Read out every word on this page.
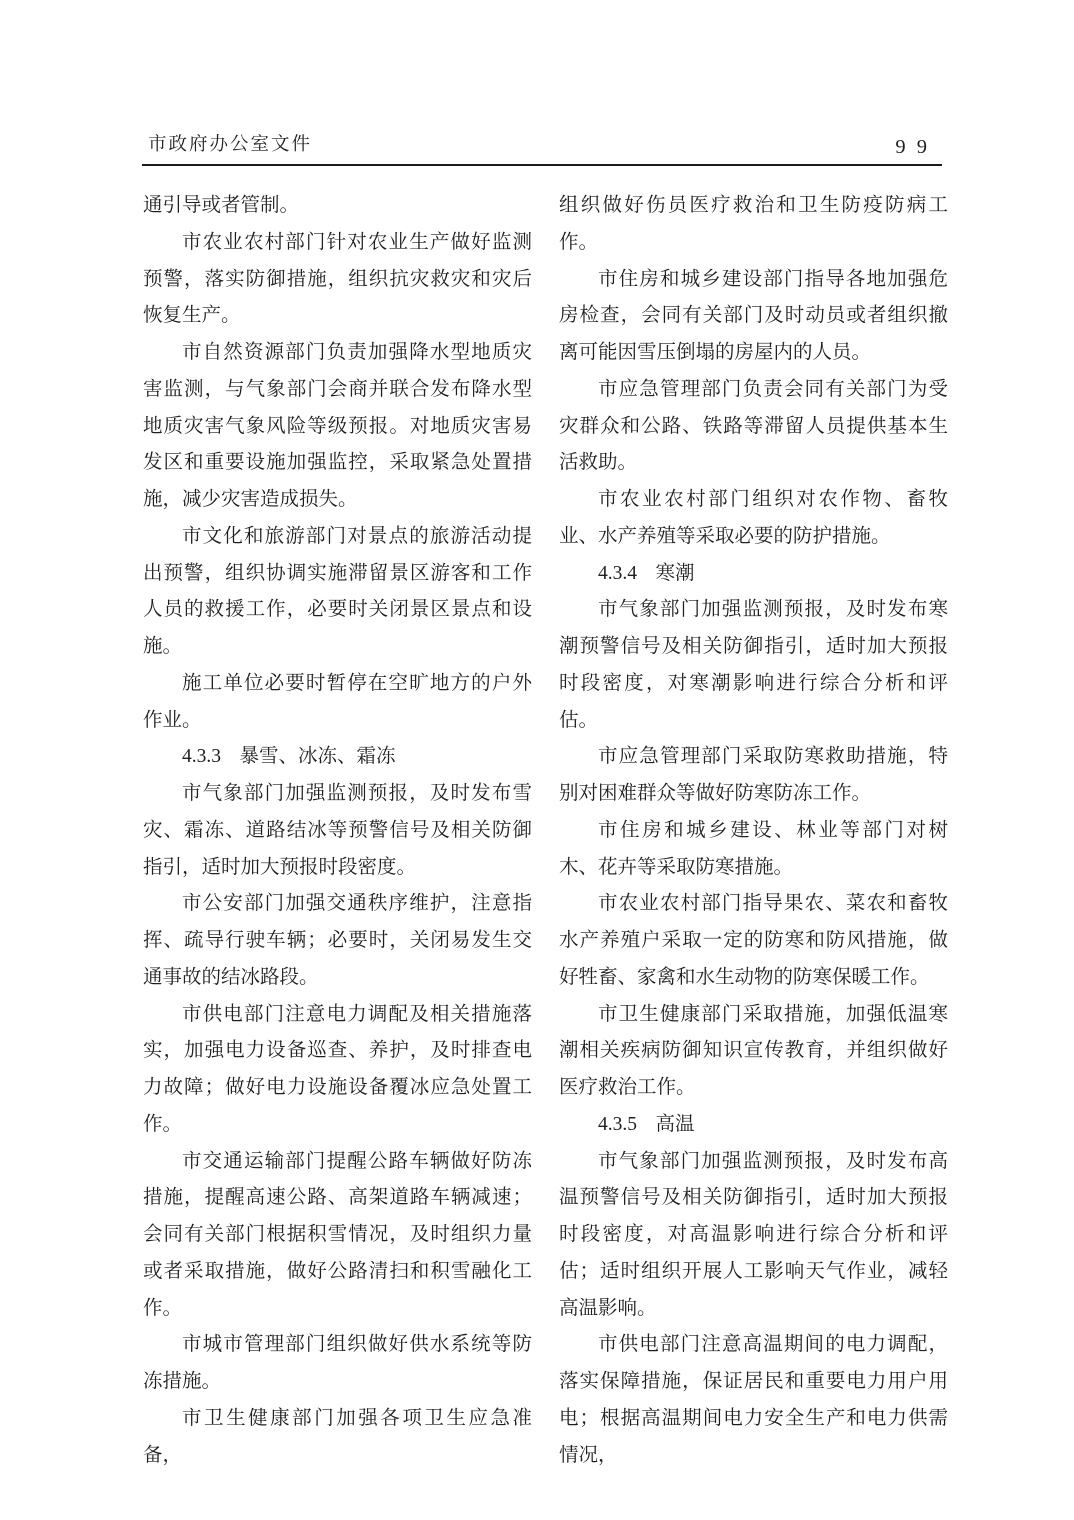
市政府办公室文件	9 9

通引导或者管制。

市农业农村部门针对农业生产做好监测预警，落实防御措施，组织抗灾救灾和灾后恢复生产。

市自然资源部门负责加强降水型地质灾害监测，与气象部门会商并联合发布降水型地质灾害气象风险等级预报。对地质灾害易发区和重要设施加强监控，采取紧急处置措施，减少灾害造成损失。

市文化和旅游部门对景点的旅游活动提出预警，组织协调实施滞留景区游客和工作人员的救援工作，必要时关闭景区景点和设施。

施工单位必要时暂停在空旷地方的户外作业。

4.3.3 暴雪、冰冻、霜冻

市气象部门加强监测预报，及时发布雪灾、霜冻、道路结冰等预警信号及相关防御指引，适时加大预报时段密度。

市公安部门加强交通秩序维护，注意指挥、疏导行驶车辆；必要时，关闭易发生交通事故的结冰路段。

市供电部门注意电力调配及相关措施落实，加强电力设备巡查、养护，及时排查电力故障；做好电力设施设备覆冰应急处置工作。

市交通运输部门提醒公路车辆做好防冻措施，提醒高速公路、高架道路车辆减速；会同有关部门根据积雪情况，及时组织力量或者采取措施，做好公路清扫和积雪融化工作。

市城市管理部门组织做好供水系统等防冻措施。

市卫生健康部门加强各项卫生应急准备，

组织做好伤员医疗救治和卫生防疫防病工作。

市住房和城乡建设部门指导各地加强危房检查，会同有关部门及时动员或者组织撤离可能因雪压倒塌的房屋内的人员。

市应急管理部门负责会同有关部门为受灾群众和公路、铁路等滞留人员提供基本生活救助。

市农业农村部门组织对农作物、畜牧业、水产养殖等采取必要的防护措施。

4.3.4 寒潮

市气象部门加强监测预报，及时发布寒潮预警信号及相关防御指引，适时加大预报时段密度，对寒潮影响进行综合分析和评估。

市应急管理部门采取防寒救助措施，特别对困难群众等做好防寒防冻工作。

市住房和城乡建设、林业等部门对树木、花卉等采取防寒措施。

市农业农村部门指导果农、菜农和畜牧水产养殖户采取一定的防寒和防风措施，做好牲畜、家禽和水生动物的防寒保暖工作。

市卫生健康部门采取措施，加强低温寒潮相关疾病防御知识宣传教育，并组织做好医疗救治工作。

4.3.5 高温

市气象部门加强监测预报，及时发布高温预警信号及相关防御指引，适时加大预报时段密度，对高温影响进行综合分析和评估；适时组织开展人工影响天气作业，减轻高温影响。

市供电部门注意高温期间的电力调配，落实保障措施，保证居民和重要电力用户用电；根据高温期间电力安全生产和电力供需情况，
